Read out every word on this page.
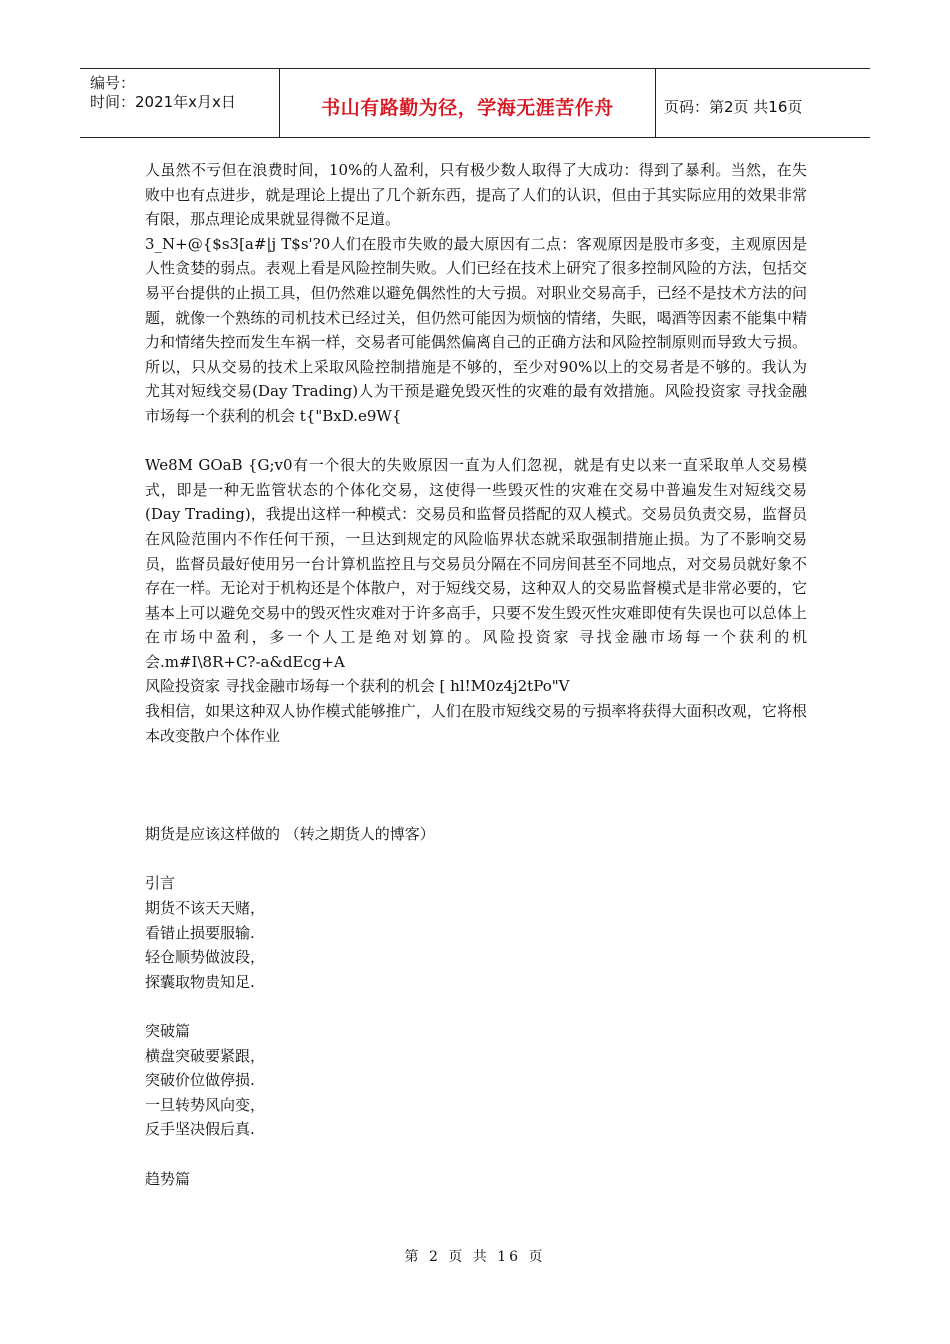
编号：
时间：2021年x月x日	书山有路勤为径，学海无涯苦作舟	页码：第2页 共16页

人虽然不亏但在浪费时间，10%的人盈利，只有极少数人取得了大成功：得到了暴利。当然，在失败中也有点进步，就是理论上提出了几个新东西，提高了人们的认识，但由于其实际应用的效果非常有限，那点理论成果就显得微不足道。

3_N+@{$s3[a#|j T$s'?0人们在股市失败的最大原因有二点：客观原因是股市多变，主观原因是人性贪婪的弱点。表观上看是风险控制失败。人们已经在技术上研究了很多控制风险的方法，包括交易平台提供的止损工具，但仍然难以避免偶然性的大亏损。对职业交易高手，已经不是技术方法的问题，就像一个熟练的司机技术已经过关，但仍然可能因为烦恼的情绪，失眠，喝酒等因素不能集中精力和情绪失控而发生车祸一样，交易者可能偶然偏离自己的正确方法和风险控制原则而导致大亏损。所以，只从交易的技术上采取风险控制措施是不够的，至少对90%以上的交易者是不够的。我认为尤其对短线交易(Day Trading)人为干预是避免毁灭性的灾难的最有效措施。风险投资家 寻找金融市场每一个获利的机会 t{"BxD.e9W{

We8M GOaB {G;v0有一个很大的失败原因一直为人们忽视，就是有史以来一直采取单人交易模式，即是一种无监管状态的个体化交易，这使得一些毁灭性的灾难在交易中普遍发生对短线交易(Day Trading)，我提出这样一种模式：交易员和监督员搭配的双人模式。交易员负责交易，监督员在风险范围内不作任何干预，一旦达到规定的风险临界状态就采取强制措施止损。为了不影响交易员，监督员最好使用另一台计算机监控且与交易员分隔在不同房间甚至不同地点，对交易员就好象不存在一样。无论对于机构还是个体散户，对于短线交易，这种双人的交易监督模式是非常必要的，它基本上可以避免交易中的毁灭性灾难对于许多高手，只要不发生毁灭性灾难即使有失误也可以总体上在市场中盈利，多一个人工是绝对划算的。风险投资家 寻找金融市场每一个获利的机会.m#I\8R+C?-a&dEcg+A

风险投资家 寻找金融市场每一个获利的机会 [ hl!M0z4j2tPo"V

我相信，如果这种双人协作模式能够推广，人们在股市短线交易的亏损率将获得大面积改观，它将根本改变散户个体作业

期货是应该这样做的 （转之期货人的博客）

引言

期货不该天天赌，

看错止损要服输.

轻仓顺势做波段，

探囊取物贵知足.

突破篇

横盘突破要紧跟，

突破价位做停损.

一旦转势风向变，

反手坚决假后真.

趋势篇

第 2 页 共 16 页
